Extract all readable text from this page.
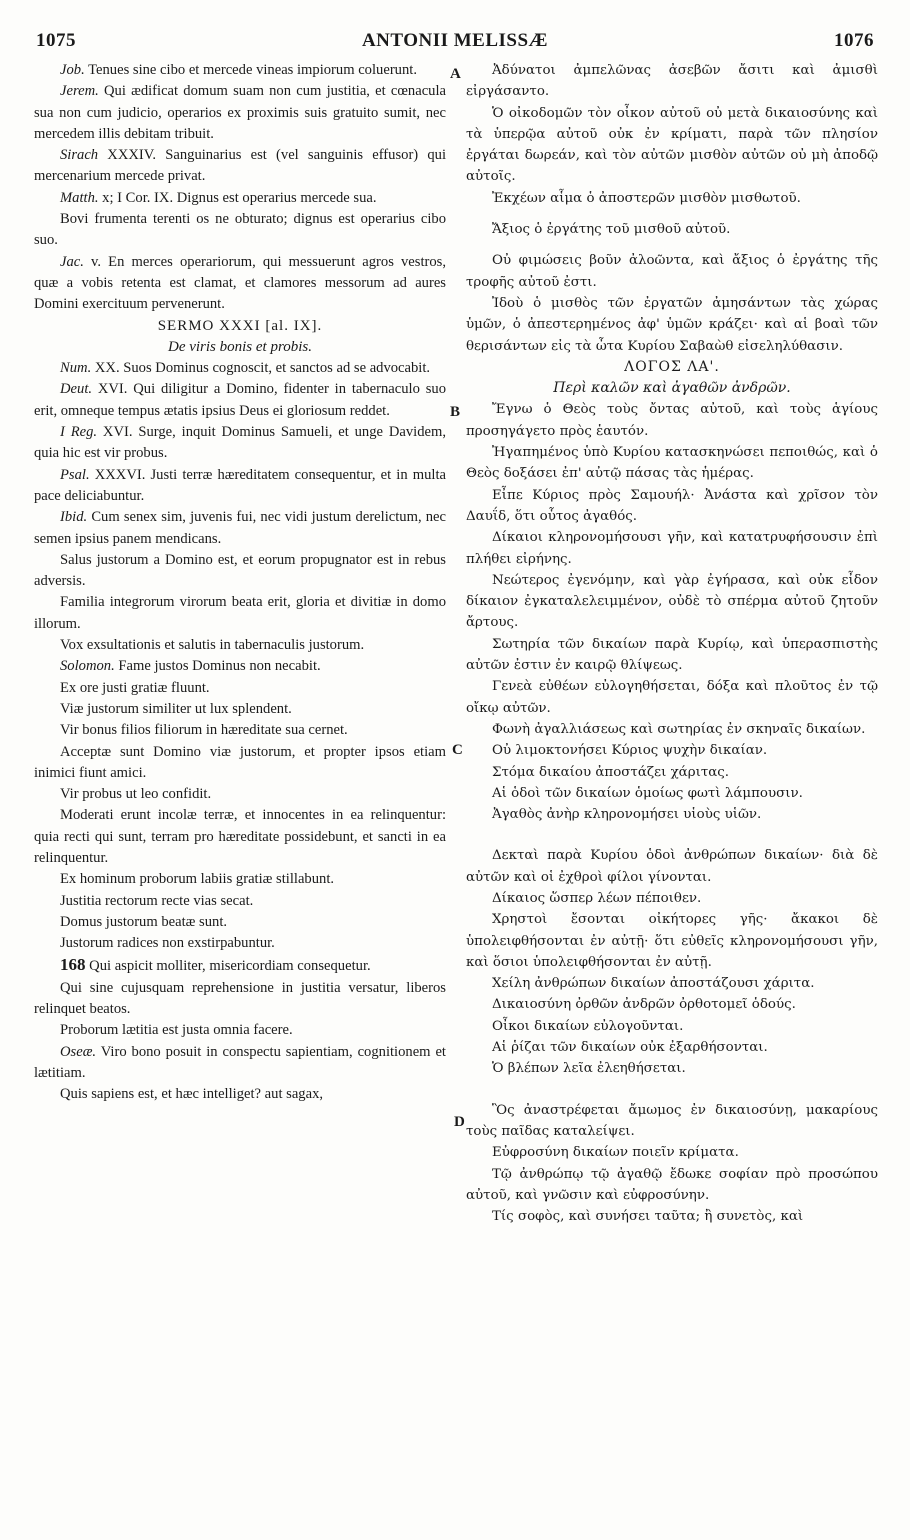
1075	ANTONII MELISSÆ	1076
A
B
C
D

Job. Tenues sine cibo et mercede vineas impiorum coluerunt.

Jerem. Qui ædificat domum suam non cum justitia, et cœnacula sua non cum judicio, operarios ex proximis suis gratuito sumit, nec mercedem illis debitam tribuit.

Sirach XXXIV. Sanguinarius est (vel sanguinis effusor) qui mercenarium mercede privat.

Matth. x; I Cor. IX. Dignus est operarius mercede sua.

Bovi frumenta terenti os ne obturato; dignus est operarius cibo suo.

Jac. v. En merces operariorum, qui messuerunt agros vestros, quæ a vobis retenta est clamat, et clamores messorum ad aures Domini exercituum pervenerunt.

SERMO XXXI [al. IX].

De viris bonis et probis.

Num. XX. Suos Dominus cognoscit, et sanctos ad se advocabit.

Deut. XVI. Qui diligitur a Domino, fidenter in tabernaculo suo erit, omneque tempus ætatis ipsius Deus ei gloriosum reddet.

I Reg. XVI. Surge, inquit Dominus Samueli, et unge Davidem, quia hic est vir probus.

Psal. XXXVI. Justi terræ hæreditatem consequentur, et in multa pace deliciabuntur.

Ibid. Cum senex sim, juvenis fui, nec vidi justum derelictum, nec semen ipsius panem mendicans.

Salus justorum a Domino est, et eorum propugnator est in rebus adversis.

Familia integrorum virorum beata erit, gloria et divitiæ in domo illorum.

Vox exsultationis et salutis in tabernaculis justorum.

Solomon. Fame justos Dominus non necabit.

Ex ore justi gratiæ fluunt.

Viæ justorum similiter ut lux splendent.

Vir bonus filios filiorum in hæreditate sua cernet.

Acceptæ sunt Domino viæ justorum, et propter ipsos etiam inimici fiunt amici.

Vir probus ut leo confidit.

Moderati erunt incolæ terræ, et innocentes in ea relinquentur: quia recti qui sunt, terram pro hæreditate possidebunt, et sancti in ea relinquentur.

Ex hominum proborum labiis gratiæ stillabunt.

Justitia rectorum recte vias secat.

Domus justorum beatæ sunt.

Justorum radices non exstirpabuntur.

168 Qui aspicit molliter, misericordiam consequetur.

Qui sine cujusquam reprehensione in justitia versatur, liberos relinquet beatos.

Proborum lætitia est justa omnia facere.

Oseæ. Viro bono posuit in conspectu sapientiam, cognitionem et lætitiam.

Quis sapiens est, et hæc intelliget? aut sagax,

Ἀδύνατοι ἀμπελῶνας ἀσεβῶν ἄσιτι καὶ ἀμισθὶ εἰργάσαντο.

Ὁ οἰκοδομῶν τὸν οἶκον αὐτοῦ οὐ μετὰ δικαιοσύνης καὶ τὰ ὑπερῷα αὐτοῦ οὐκ ἐν κρίματι, παρὰ τῶν πλησίον ἐργάται δωρεάν, καὶ τὸν αὐτῶν μισθὸν αὐτῶν οὐ μὴ ἀποδῷ αὐτοῖς.

Ἐκχέων αἷμα ὁ ἀποστερῶν μισθὸν μισθωτοῦ.

Ἄξιος ὁ ἐργάτης τοῦ μισθοῦ αὐτοῦ.

Οὐ φιμώσεις βοῦν ἀλοῶντα, καὶ ἄξιος ὁ ἐργάτης τῆς τροφῆς αὐτοῦ ἐστι.

Ἰδοὺ ὁ μισθὸς τῶν ἐργατῶν ἀμησάντων τὰς χώρας ὑμῶν, ὁ ἀπεστερημένος ἀφ' ὑμῶν κράζει· καὶ αἱ βοαὶ τῶν θερισάντων εἰς τὰ ὦτα Κυρίου Σαβαὼθ εἰσεληλύθασιν.

ΛΟΓΟΣ ΛΑ'.

Περὶ καλῶν καὶ ἀγαθῶν ἀνδρῶν.

Ἔγνω ὁ Θεὸς τοὺς ὄντας αὐτοῦ, καὶ τοὺς ἁγίους προσηγάγετο πρὸς ἑαυτόν.

Ἠγαπημένος ὑπὸ Κυρίου κατασκηνώσει πεποιθώς, καὶ ὁ Θεὸς δοξάσει ἐπ' αὐτῷ πάσας τὰς ἡμέρας.

Εἶπε Κύριος πρὸς Σαμουήλ· Ἀνάστα καὶ χρῖσον τὸν Δαυΐδ, ὅτι οὗτος ἀγαθός.

Δίκαιοι κληρονομήσουσι γῆν, καὶ κατατρυφήσουσιν ἐπὶ πλήθει εἰρήνης.

Νεώτερος ἐγενόμην, καὶ γὰρ ἐγήρασα, καὶ οὐκ εἶδον δίκαιον ἐγκαταλελειμμένον, οὐδὲ τὸ σπέρμα αὐτοῦ ζητοῦν ἄρτους.

Σωτηρία τῶν δικαίων παρὰ Κυρίῳ, καὶ ὑπερασπιστὴς αὐτῶν ἐστιν ἐν καιρῷ θλίψεως.

Γενεὰ εὐθέων εὐλογηθήσεται, δόξα καὶ πλοῦτος ἐν τῷ οἴκῳ αὐτῶν.

Φωνὴ ἀγαλλιάσεως καὶ σωτηρίας ἐν σκηναῖς δικαίων.

Οὐ λιμοκτονήσει Κύριος ψυχὴν δικαίαν.

Στόμα δικαίου ἀποστάζει χάριτας.

Αἱ ὁδοὶ τῶν δικαίων ὁμοίως φωτὶ λάμπουσιν.

Ἀγαθὸς ἀνὴρ κληρονομήσει υἱοὺς υἱῶν.

Δεκταὶ παρὰ Κυρίου ὁδοὶ ἀνθρώπων δικαίων· διὰ δὲ αὐτῶν καὶ οἱ ἐχθροὶ φίλοι γίνονται.

Δίκαιος ὥσπερ λέων πέποιθεν.

Χρηστοὶ ἔσονται οἰκήτορες γῆς· ἄκακοι δὲ ὑπολειφθήσονται ἐν αὐτῇ· ὅτι εὐθεῖς κληρονομήσουσι γῆν, καὶ ὅσιοι ὑπολειφθήσονται ἐν αὐτῇ.

Χείλη ἀνθρώπων δικαίων ἀποστάζουσι χάριτα.

Δικαιοσύνη ὀρθῶν ἀνδρῶν ὀρθοτομεῖ ὁδούς.

Οἶκοι δικαίων εὐλογοῦνται.

Αἱ ῥίζαι τῶν δικαίων οὐκ ἐξαρθήσονται.

Ὁ βλέπων λεῖα ἐλεηθήσεται.

Ὃς ἀναστρέφεται ἄμωμος ἐν δικαιοσύνῃ, μακαρίους τοὺς παῖδας καταλείψει.

Εὐφροσύνη δικαίων ποιεῖν κρίματα.

Τῷ ἀνθρώπῳ τῷ ἀγαθῷ ἔδωκε σοφίαν πρὸ προσώπου αὐτοῦ, καὶ γνῶσιν καὶ εὐφροσύνην.

Τίς σοφὸς, καὶ συνήσει ταῦτα; ἢ συνετὸς, καὶ
